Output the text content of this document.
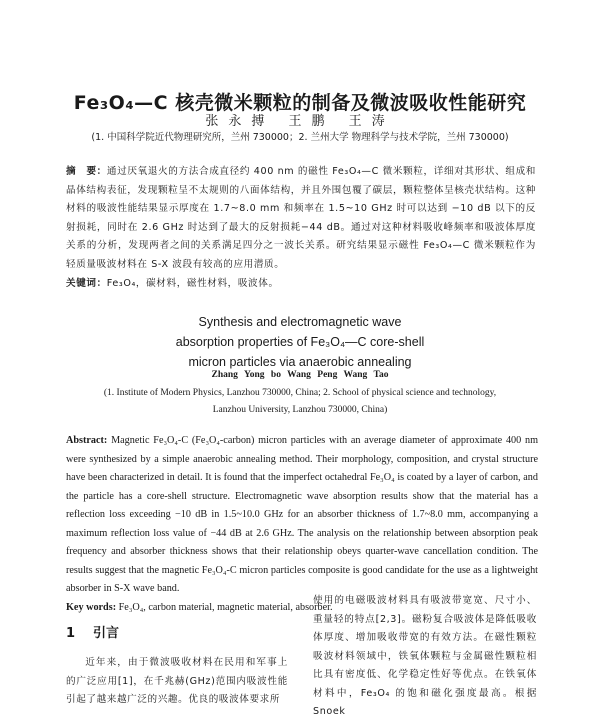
Fe₃O₄—C 核壳微米颗粒的制备及微波吸收性能研究
张永搏 王鹏 王涛
(1. 中国科学院近代物理研究所，兰州 730000；2. 兰州大学 物理科学与技术学院，兰州 730000)
摘　要：通过厌氧退火的方法合成直径约 400 nm 的磁性 Fe₃O₄—C 微米颗粒，详细对其形状、组成和晶体结构表征，发现颗粒呈不太规则的八面体结构，并且外围包覆了碳层，颗粒整体呈核壳状结构。这种材料的吸波性能结果显示厚度在 1.7~8.0 mm 和频率在 1.5~10 GHz 时可以达到 −10 dB 以下的反射损耗，同时在 2.6 GHz 时达到了最大的反射损耗−44 dB。通过对这种材料吸收峰频率和吸波体厚度关系的分析，发现两者之间的关系满足四分之一波长关系。研究结果显示磁性 Fe₃O₄—C 微米颗粒作为轻质量吸波材料在 S-X 波段有较高的应用潜质。
关键词：Fe₃O₄，碳材料，磁性材料，吸波体。
Synthesis and electromagnetic wave
absorption properties of Fe₃O₄—C core-shell
micron particles via anaerobic annealing
Zhang Yong bo Wang Peng Wang Tao
(1. Institute of Modern Physics, Lanzhou 730000, China; 2. School of physical science and technology,
Lanzhou University, Lanzhou 730000, China)
Abstract: Magnetic Fe₃O₄-C (Fe₃O₄-carbon) micron particles with an average diameter of approximate 400 nm were synthesized by a simple anaerobic annealing method. Their morphology, composition, and crystal structure have been characterized in detail. It is found that the imperfect octahedral Fe₃O₄ is coated by a layer of carbon, and the particle has a core-shell structure. Electromagnetic wave absorption results show that the material has a reflection loss exceeding −10 dB in 1.5~10.0 GHz for an absorber thickness of 1.7~8.0 mm, accompanying a maximum reflection loss value of −44 dB at 2.6 GHz. The analysis on the relationship between absorption peak frequency and absorber thickness shows that their relationship obeys quarter-wave cancellation condition. The results suggest that the magnetic Fe₃O₄-C micron particles composite is good candidate for the use as a lightweight absorber in S-X wave band.
Key words: Fe₃O₄, carbon material, magnetic material, absorber.
1 引言
近年来，由于微波吸收材料在民用和军事上的广泛应用[1]，在千兆赫(GHz)范围内吸波性能引起了越来越广泛的兴趣。优良的吸波体要求所
使用的电磁吸波材料具有吸波带宽宽、尺寸小、重量轻的特点[2,3]。磁粉复合吸波体是降低吸收体厚度、增加吸收带宽的有效方法。在磁性颗粒吸波材料领域中，铁氧体颗粒与金属磁性颗粒相比具有密度低、化学稳定性好等优点。在铁氧体材料中，Fe₃O₄ 的饱和磁化强度最高。根据 Snoek
